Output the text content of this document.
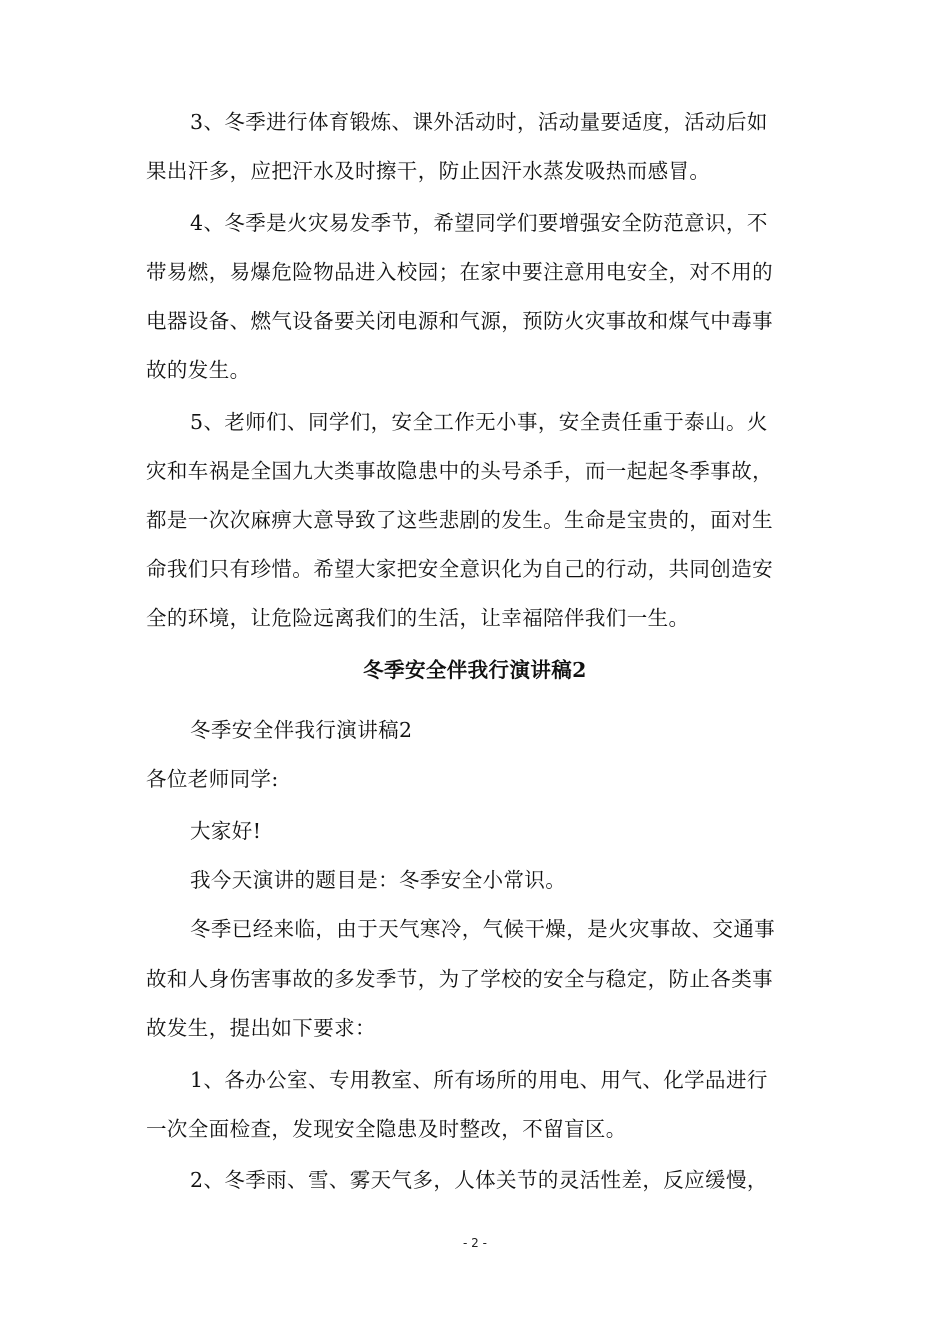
3、冬季进行体育锻炼、课外活动时，活动量要适度，活动后如
果出汗多，应把汗水及时擦干，防止因汗水蒸发吸热而感冒。
4、冬季是火灾易发季节，希望同学们要增强安全防范意识，不
带易燃，易爆危险物品进入校园；在家中要注意用电安全，对不用的
电器设备、燃气设备要关闭电源和气源，预防火灾事故和煤气中毒事
故的发生。
5、老师们、同学们，安全工作无小事，安全责任重于泰山。火
灾和车祸是全国九大类事故隐患中的头号杀手，而一起起冬季事故，
都是一次次麻痹大意导致了这些悲剧的发生。生命是宝贵的，面对生
命我们只有珍惜。希望大家把安全意识化为自己的行动，共同创造安
全的环境，让危险远离我们的生活，让幸福陪伴我们一生。
冬季安全伴我行演讲稿2
冬季安全伴我行演讲稿2
各位老师同学:
大家好!
我今天演讲的题目是：冬季安全小常识。
冬季已经来临，由于天气寒冷，气候干燥，是火灾事故、交通事
故和人身伤害事故的多发季节，为了学校的安全与稳定，防止各类事
故发生，提出如下要求：
1、各办公室、专用教室、所有场所的用电、用气、化学品进行
一次全面检查，发现安全隐患及时整改，不留盲区。
2、冬季雨、雪、雾天气多，人体关节的灵活性差，反应缓慢，
- 2 -
